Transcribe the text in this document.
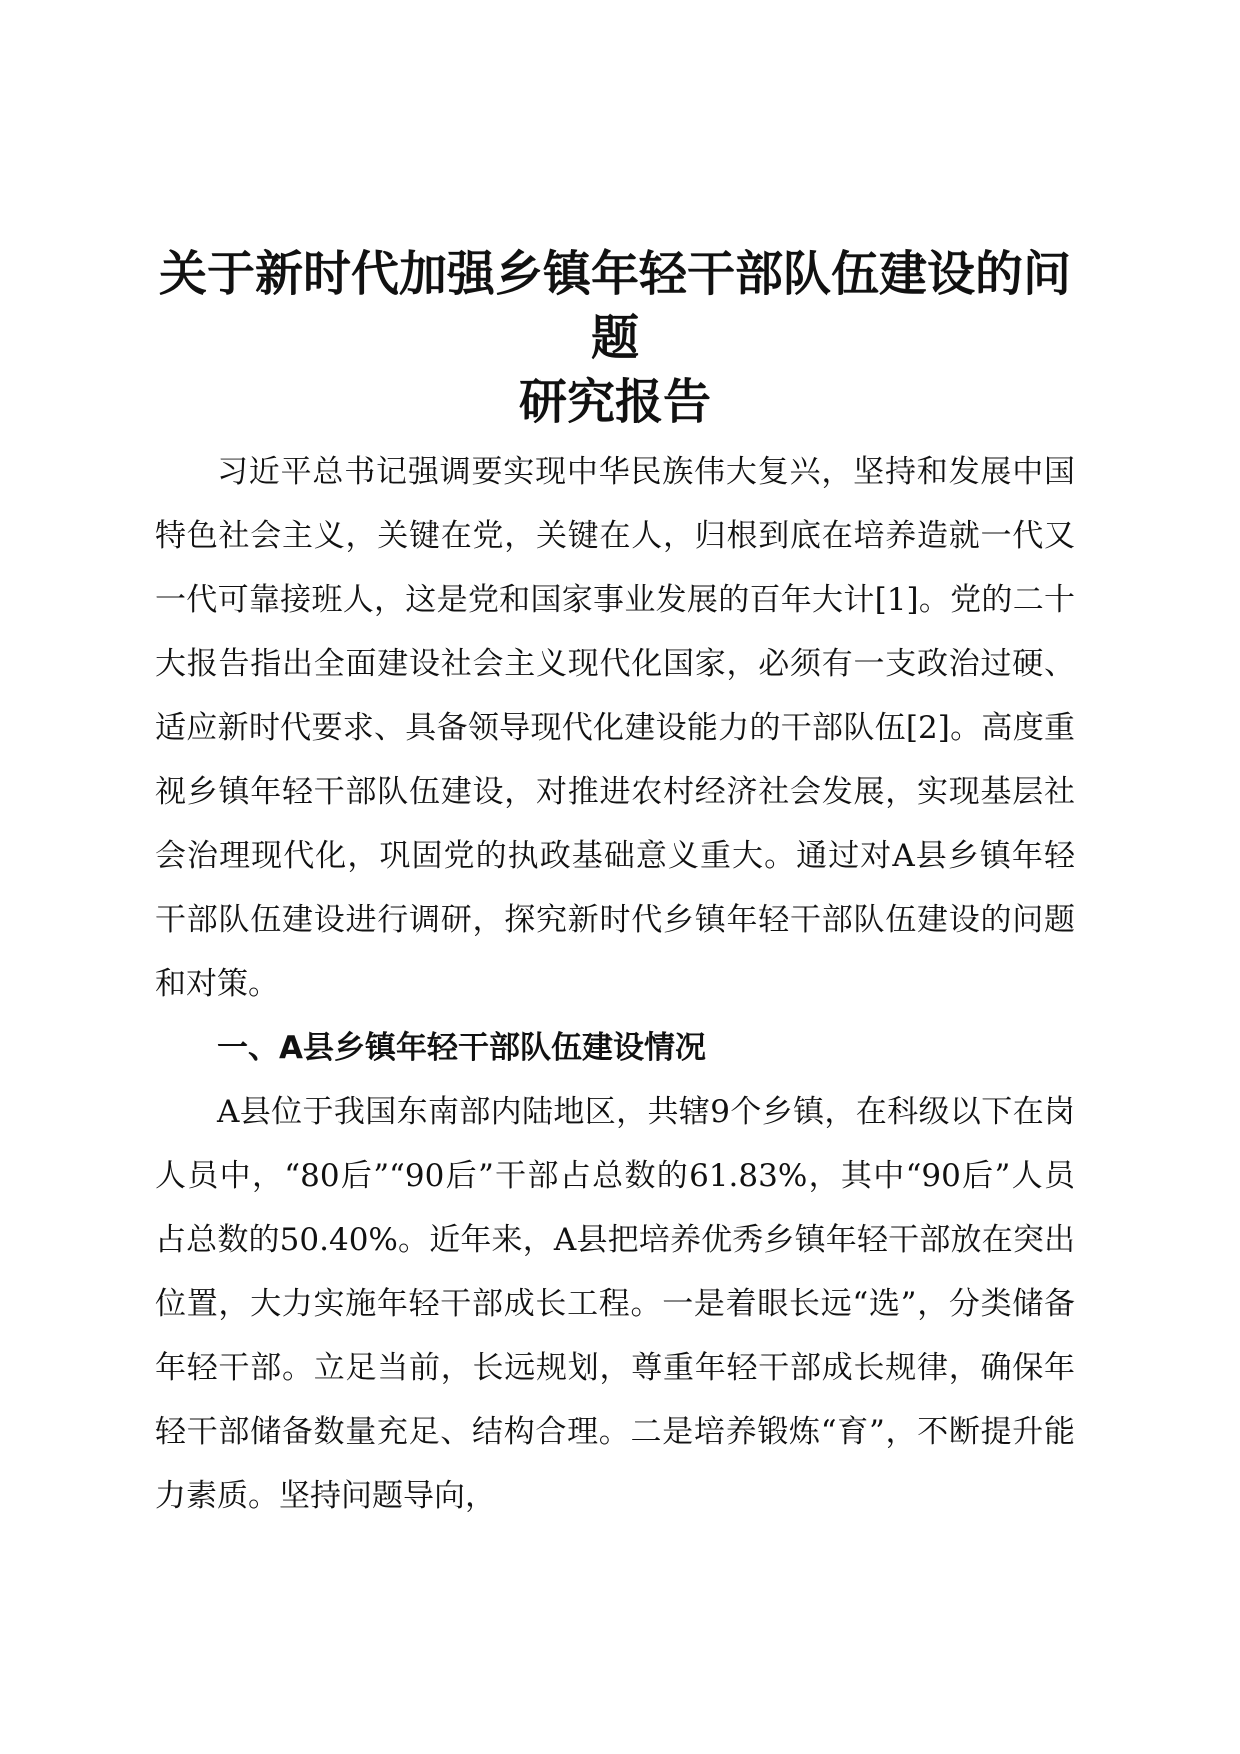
关于新时代加强乡镇年轻干部队伍建设的问题
研究报告

习近平总书记强调要实现中华民族伟大复兴，坚持和发展中国特色社会主义，关键在党，关键在人，归根到底在培养造就一代又一代可靠接班人，这是党和国家事业发展的百年大计[1]。党的二十大报告指出全面建设社会主义现代化国家，必须有一支政治过硬、适应新时代要求、具备领导现代化建设能力的干部队伍[2]。高度重视乡镇年轻干部队伍建设，对推进农村经济社会发展，实现基层社会治理现代化，巩固党的执政基础意义重大。通过对A县乡镇年轻干部队伍建设进行调研，探究新时代乡镇年轻干部队伍建设的问题和对策。

一、A县乡镇年轻干部队伍建设情况

A县位于我国东南部内陆地区，共辖9个乡镇，在科级以下在岗人员中，“80后”“90后”干部占总数的61.83%，其中“90后”人员占总数的50.40%。近年来，A县把培养优秀乡镇年轻干部放在突出位置，大力实施年轻干部成长工程。一是着眼长远“选”，分类储备年轻干部。立足当前，长远规划，尊重年轻干部成长规律，确保年轻干部储备数量充足、结构合理。二是培养锻炼“育”，不断提升能力素质。坚持问题导向，
